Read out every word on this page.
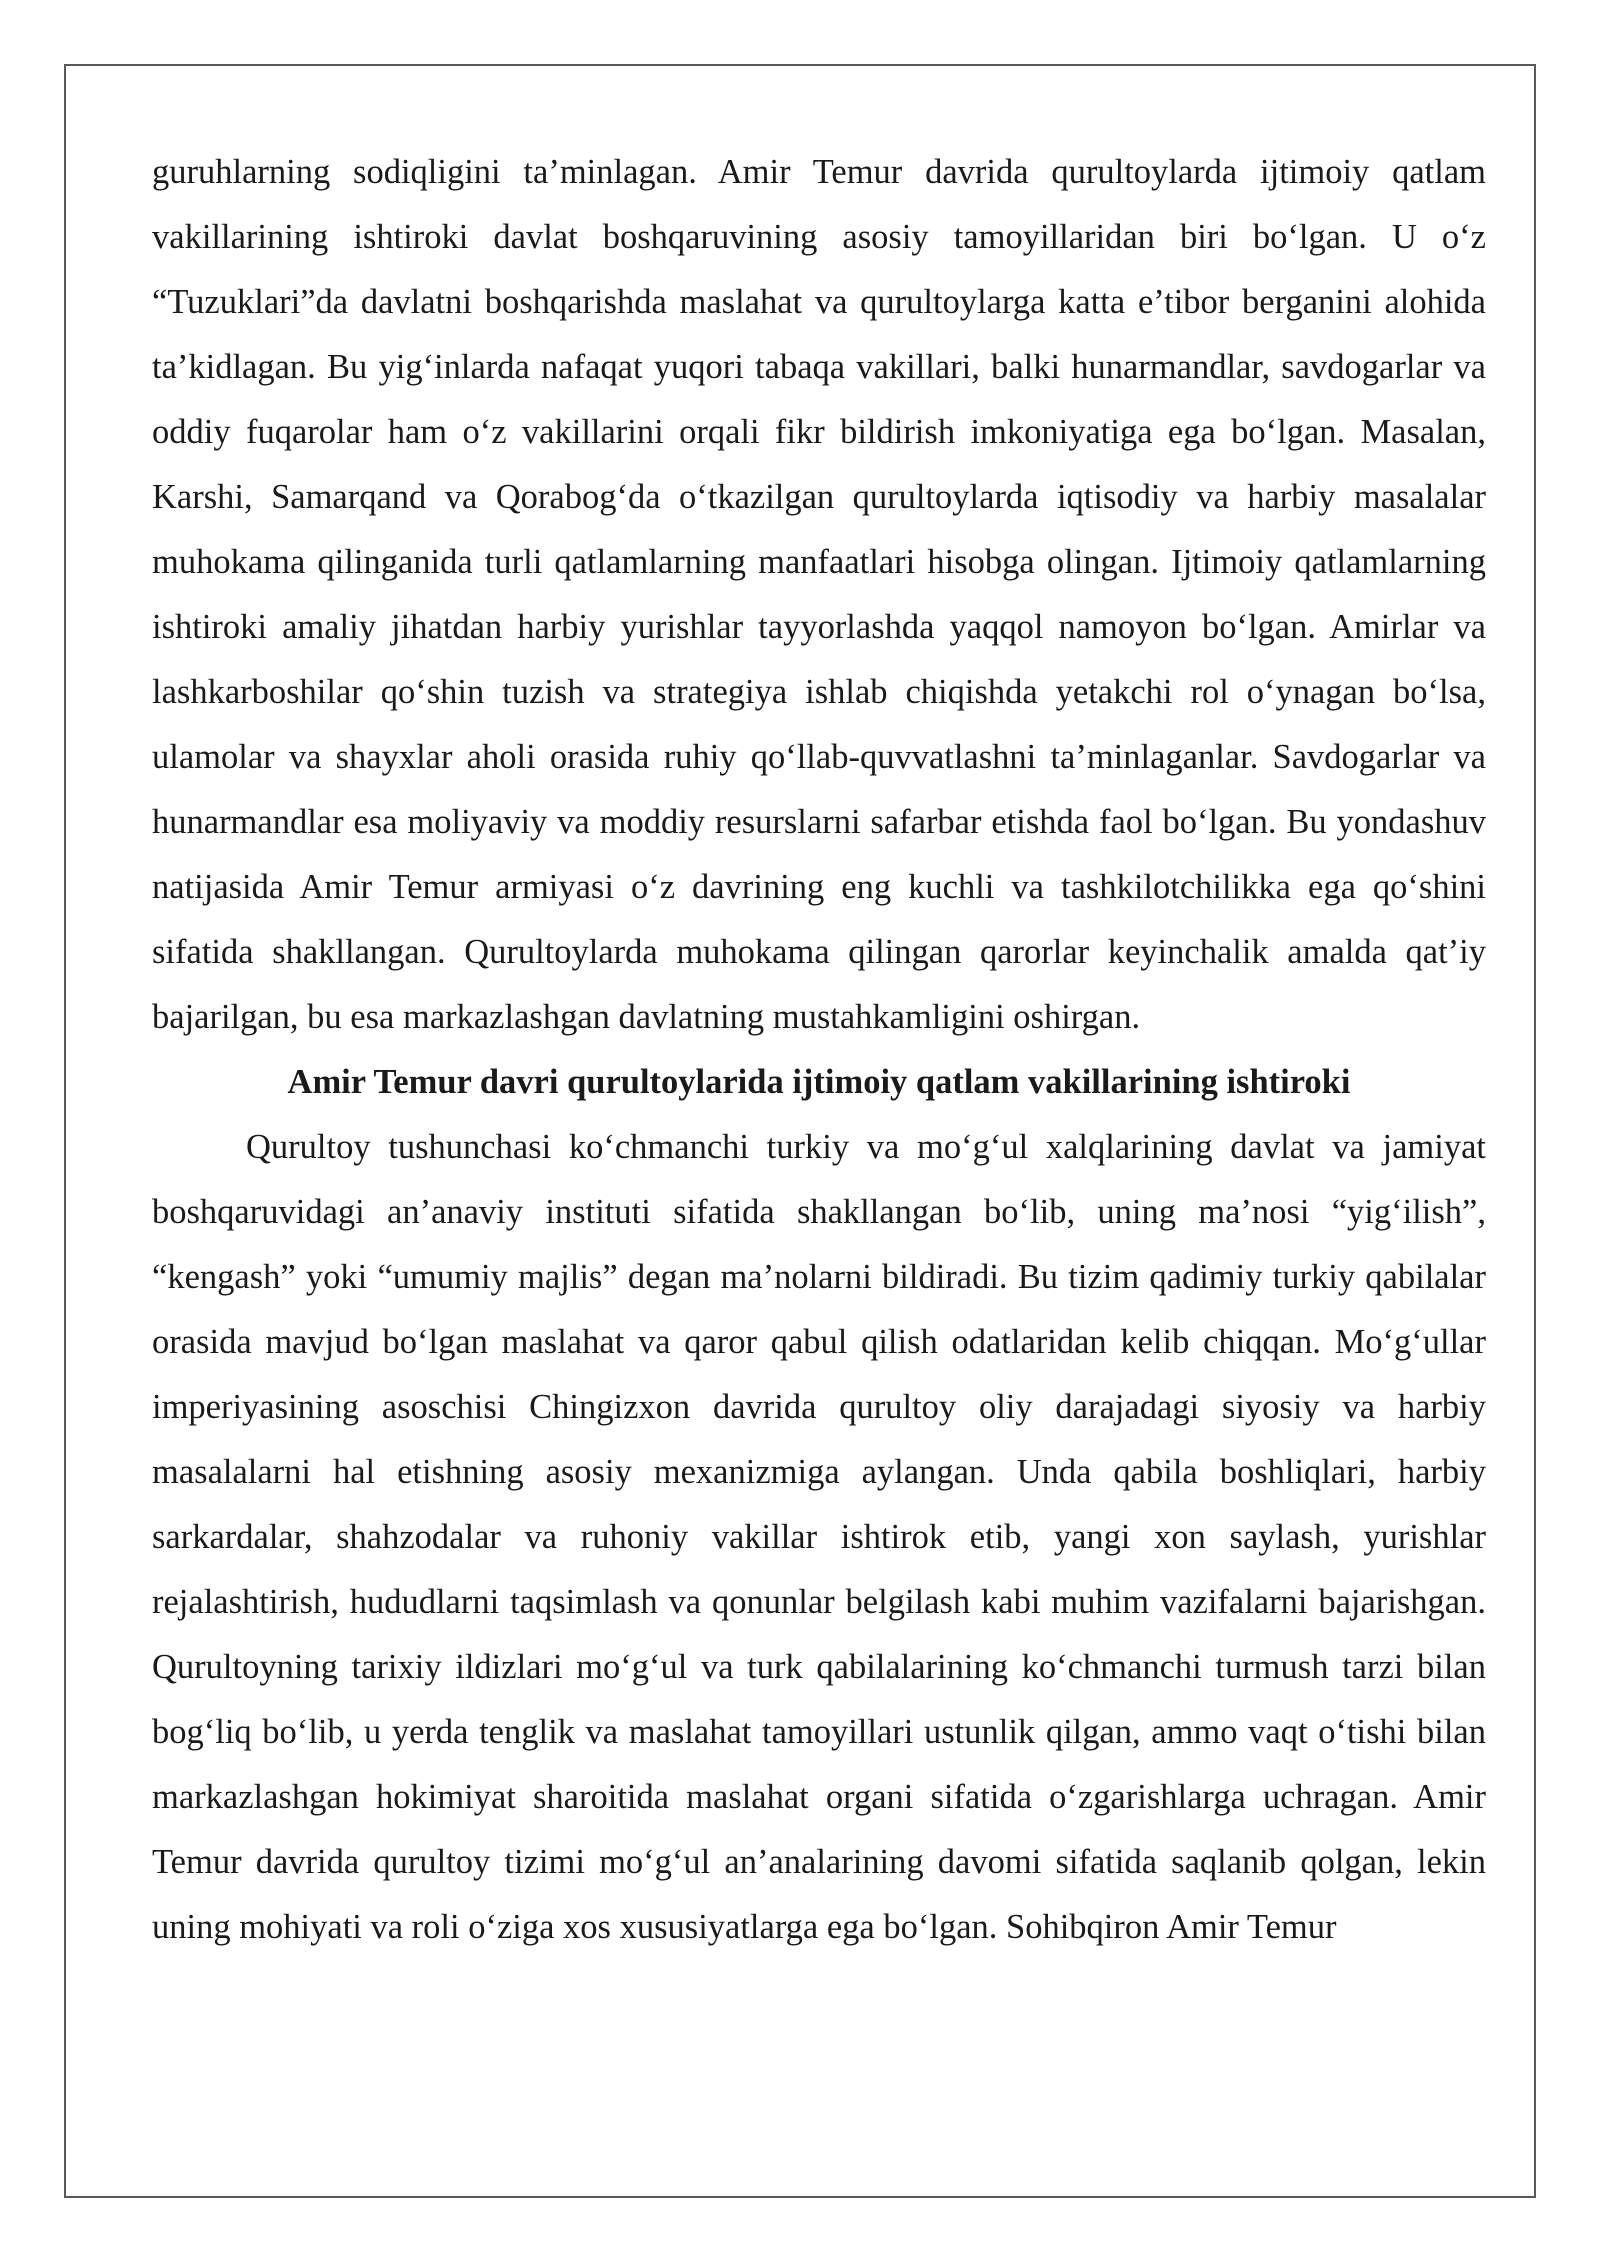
guruhlarning sodiqligini ta’minlagan. Amir Temur davrida qurultoylarda ijtimoiy qatlam vakillarining ishtiroki davlat boshqaruvining asosiy tamoyillaridan biri bo‘lgan. U o‘z “Tuzuklari”da davlatni boshqarishda maslahat va qurultoylarga katta e’tibor berganini alohida ta’kidlagan. Bu yig‘inlarda nafaqat yuqori tabaqa vakillari, balki hunarmandlar, savdogarlar va oddiy fuqarolar ham o‘z vakillarini orqali fikr bildirish imkoniyatiga ega bo‘lgan. Masalan, Karshi, Samarqand va Qorabog‘da o‘tkazilgan qurultoylarda iqtisodiy va harbiy masalalar muhokama qilinganida turli qatlamlarning manfaatlari hisobga olingan. Ijtimoiy qatlamlarning ishtiroki amaliy jihatdan harbiy yurishlar tayyorlashda yaqqol namoyon bo‘lgan. Amirlar va lashkarboshilar qo‘shin tuzish va strategiya ishlab chiqishda yetakchi rol o‘ynagan bo‘lsa, ulamolar va shayxlar aholi orasida ruhiy qo‘llab-quvvatlashni ta’minlaganlar. Savdogarlar va hunarmandlar esa moliyaviy va moddiy resurslarni safarbar etishda faol bo‘lgan. Bu yondashuv natijasida Amir Temur armiyasi o‘z davrining eng kuchli va tashkilotchilikka ega qo‘shini sifatida shakllangan. Qurultoylarda muhokama qilingan qarorlar keyinchalik amalda qat’iy bajarilgan, bu esa markazlashgan davlatning mustahkamligini oshirgan.

Amir Temur davri qurultoylarida ijtimoiy qatlam vakillarining ishtiroki

Qurultoy tushunchasi ko‘chmanchi turkiy va mo‘g‘ul xalqlarining davlat va jamiyat boshqaruvidagi an’anaviy instituti sifatida shakllangan bo‘lib, uning ma’nosi “yig‘ilish”, “kengash” yoki “umumiy majlis” degan ma’nolarni bildiradi. Bu tizim qadimiy turkiy qabilalar orasida mavjud bo‘lgan maslahat va qaror qabul qilish odatlaridan kelib chiqqan. Mo‘g‘ullar imperiyasining asoschisi Chingizxon davrida qurultoy oliy darajadagi siyosiy va harbiy masalalarni hal etishning asosiy mexanizmiga aylangan. Unda qabila boshliqlari, harbiy sarkardalar, shahzodalar va ruhoniy vakillar ishtirok etib, yangi xon saylash, yurishlar rejalashtirish, hududlarni taqsimlash va qonunlar belgilash kabi muhim vazifalarni bajarishgan. Qurultoyning tarixiy ildizlari mo‘g‘ul va turk qabilalarining ko‘chmanchi turmush tarzi bilan bog‘liq bo‘lib, u yerda tenglik va maslahat tamoyillari ustunlik qilgan, ammo vaqt o‘tishi bilan markazlashgan hokimiyat sharoitida maslahat organi sifatida o‘zgarishlarga uchragan. Amir Temur davrida qurultoy tizimi mo‘g‘ul an’analarining davomi sifatida saqlanib qolgan, lekin uning mohiyati va roli o‘ziga xos xususiyatlarga ega bo‘lgan. Sohibqiron Amir Temur
